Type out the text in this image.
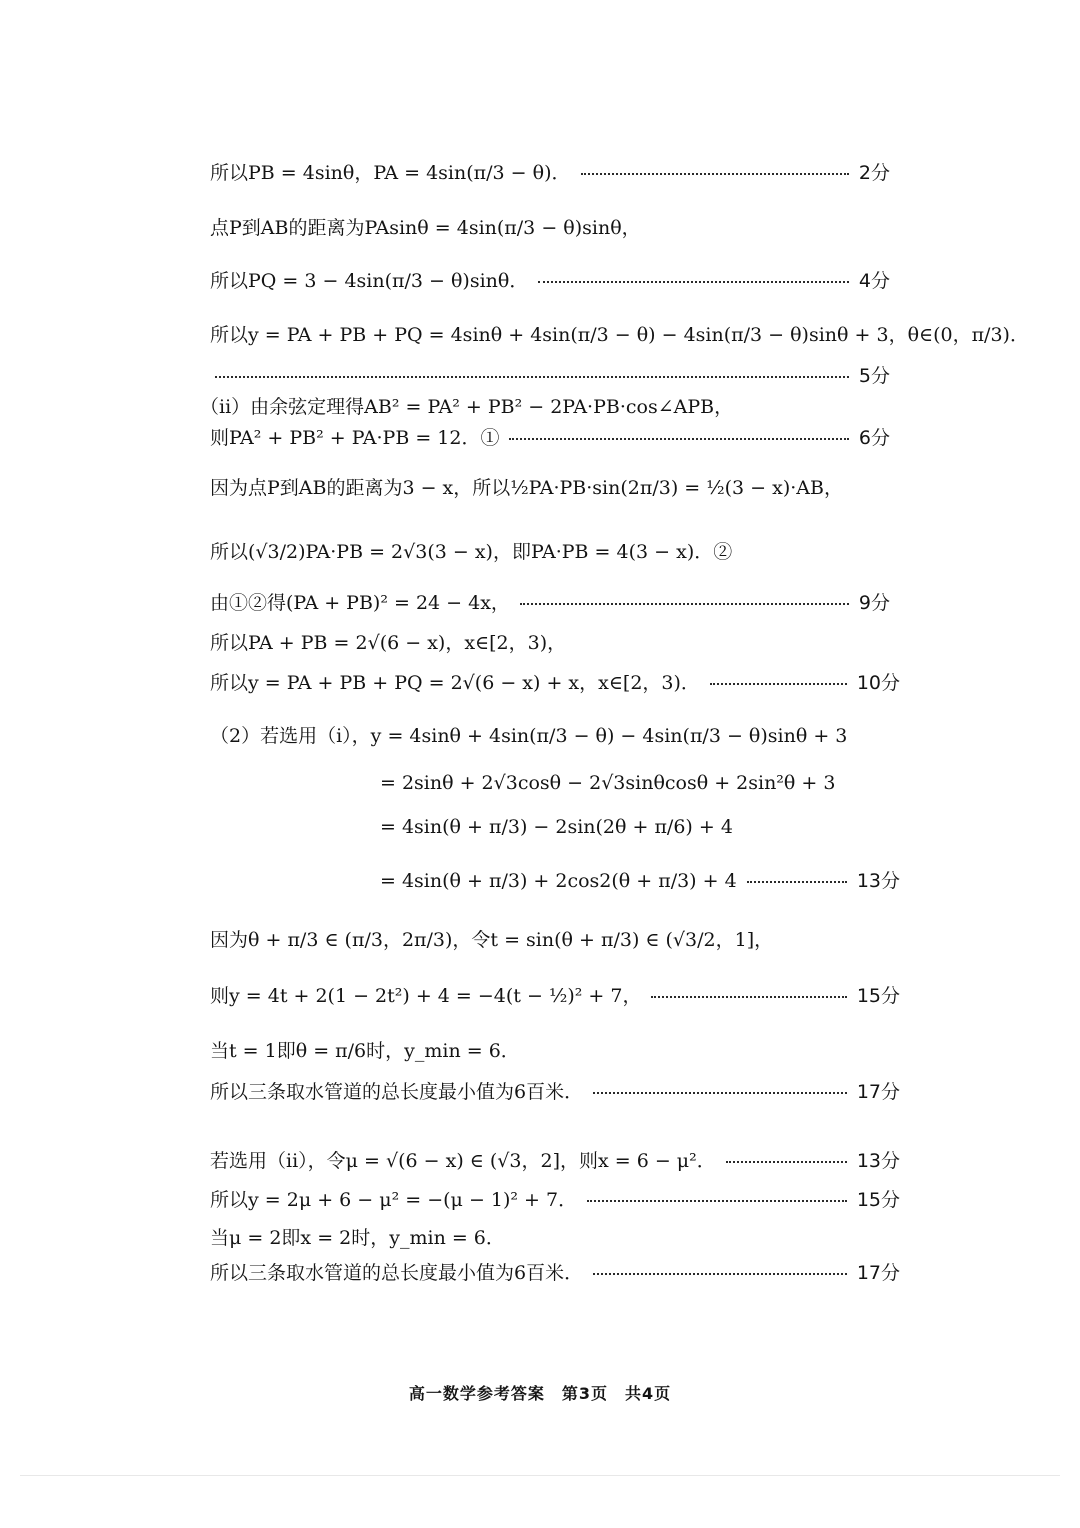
所以PB = 4sinθ，PA = 4sin(π/3 − θ)．	2分
点P到AB的距离为PAsinθ = 4sin(π/3 − θ)sinθ，
所以PQ = 3 − 4sin(π/3 − θ)sinθ．	4分
所以y = PA + PB + PQ = 4sinθ + 4sin(π/3 − θ) − 4sin(π/3 − θ)sinθ + 3，θ∈(0，π/3)．
5分
（ii）由余弦定理得AB² = PA² + PB² − 2PA·PB·cos∠APB，
则PA² + PB² + PA·PB = 12．①	6分
因为点P到AB的距离为3 − x，所以½PA·PB·sin(2π/3) = ½(3 − x)·AB，
所以(√3/2)PA·PB = 2√3(3 − x)，即PA·PB = 4(3 − x)．②
由①②得(PA + PB)² = 24 − 4x，	9分
所以PA + PB = 2√(6 − x)，x∈[2，3)，
所以y = PA + PB + PQ = 2√(6 − x) + x，x∈[2，3)．	10分
（2）若选用（i），y = 4sinθ + 4sin(π/3 − θ) − 4sin(π/3 − θ)sinθ + 3
= 2sinθ + 2√3cosθ − 2√3sinθcosθ + 2sin²θ + 3
= 4sin(θ + π/3) − 2sin(2θ + π/6) + 4
= 4sin(θ + π/3) + 2cos2(θ + π/3) + 4	13分
因为θ + π/3 ∈ (π/3，2π/3)，令t = sin(θ + π/3) ∈ (√3/2，1]，
则y = 4t + 2(1 − 2t²) + 4 = −4(t − ½)² + 7，	15分
当t = 1即θ = π/6时，y_min = 6．
所以三条取水管道的总长度最小值为6百米．	17分
若选用（ii），令μ = √(6 − x) ∈ (√3，2]，则x = 6 − μ²．	13分
所以y = 2μ + 6 − μ² = −(μ − 1)² + 7．	15分
当μ = 2即x = 2时，y_min = 6．
所以三条取水管道的总长度最小值为6百米．	17分
高一数学参考答案　第3页　共4页
